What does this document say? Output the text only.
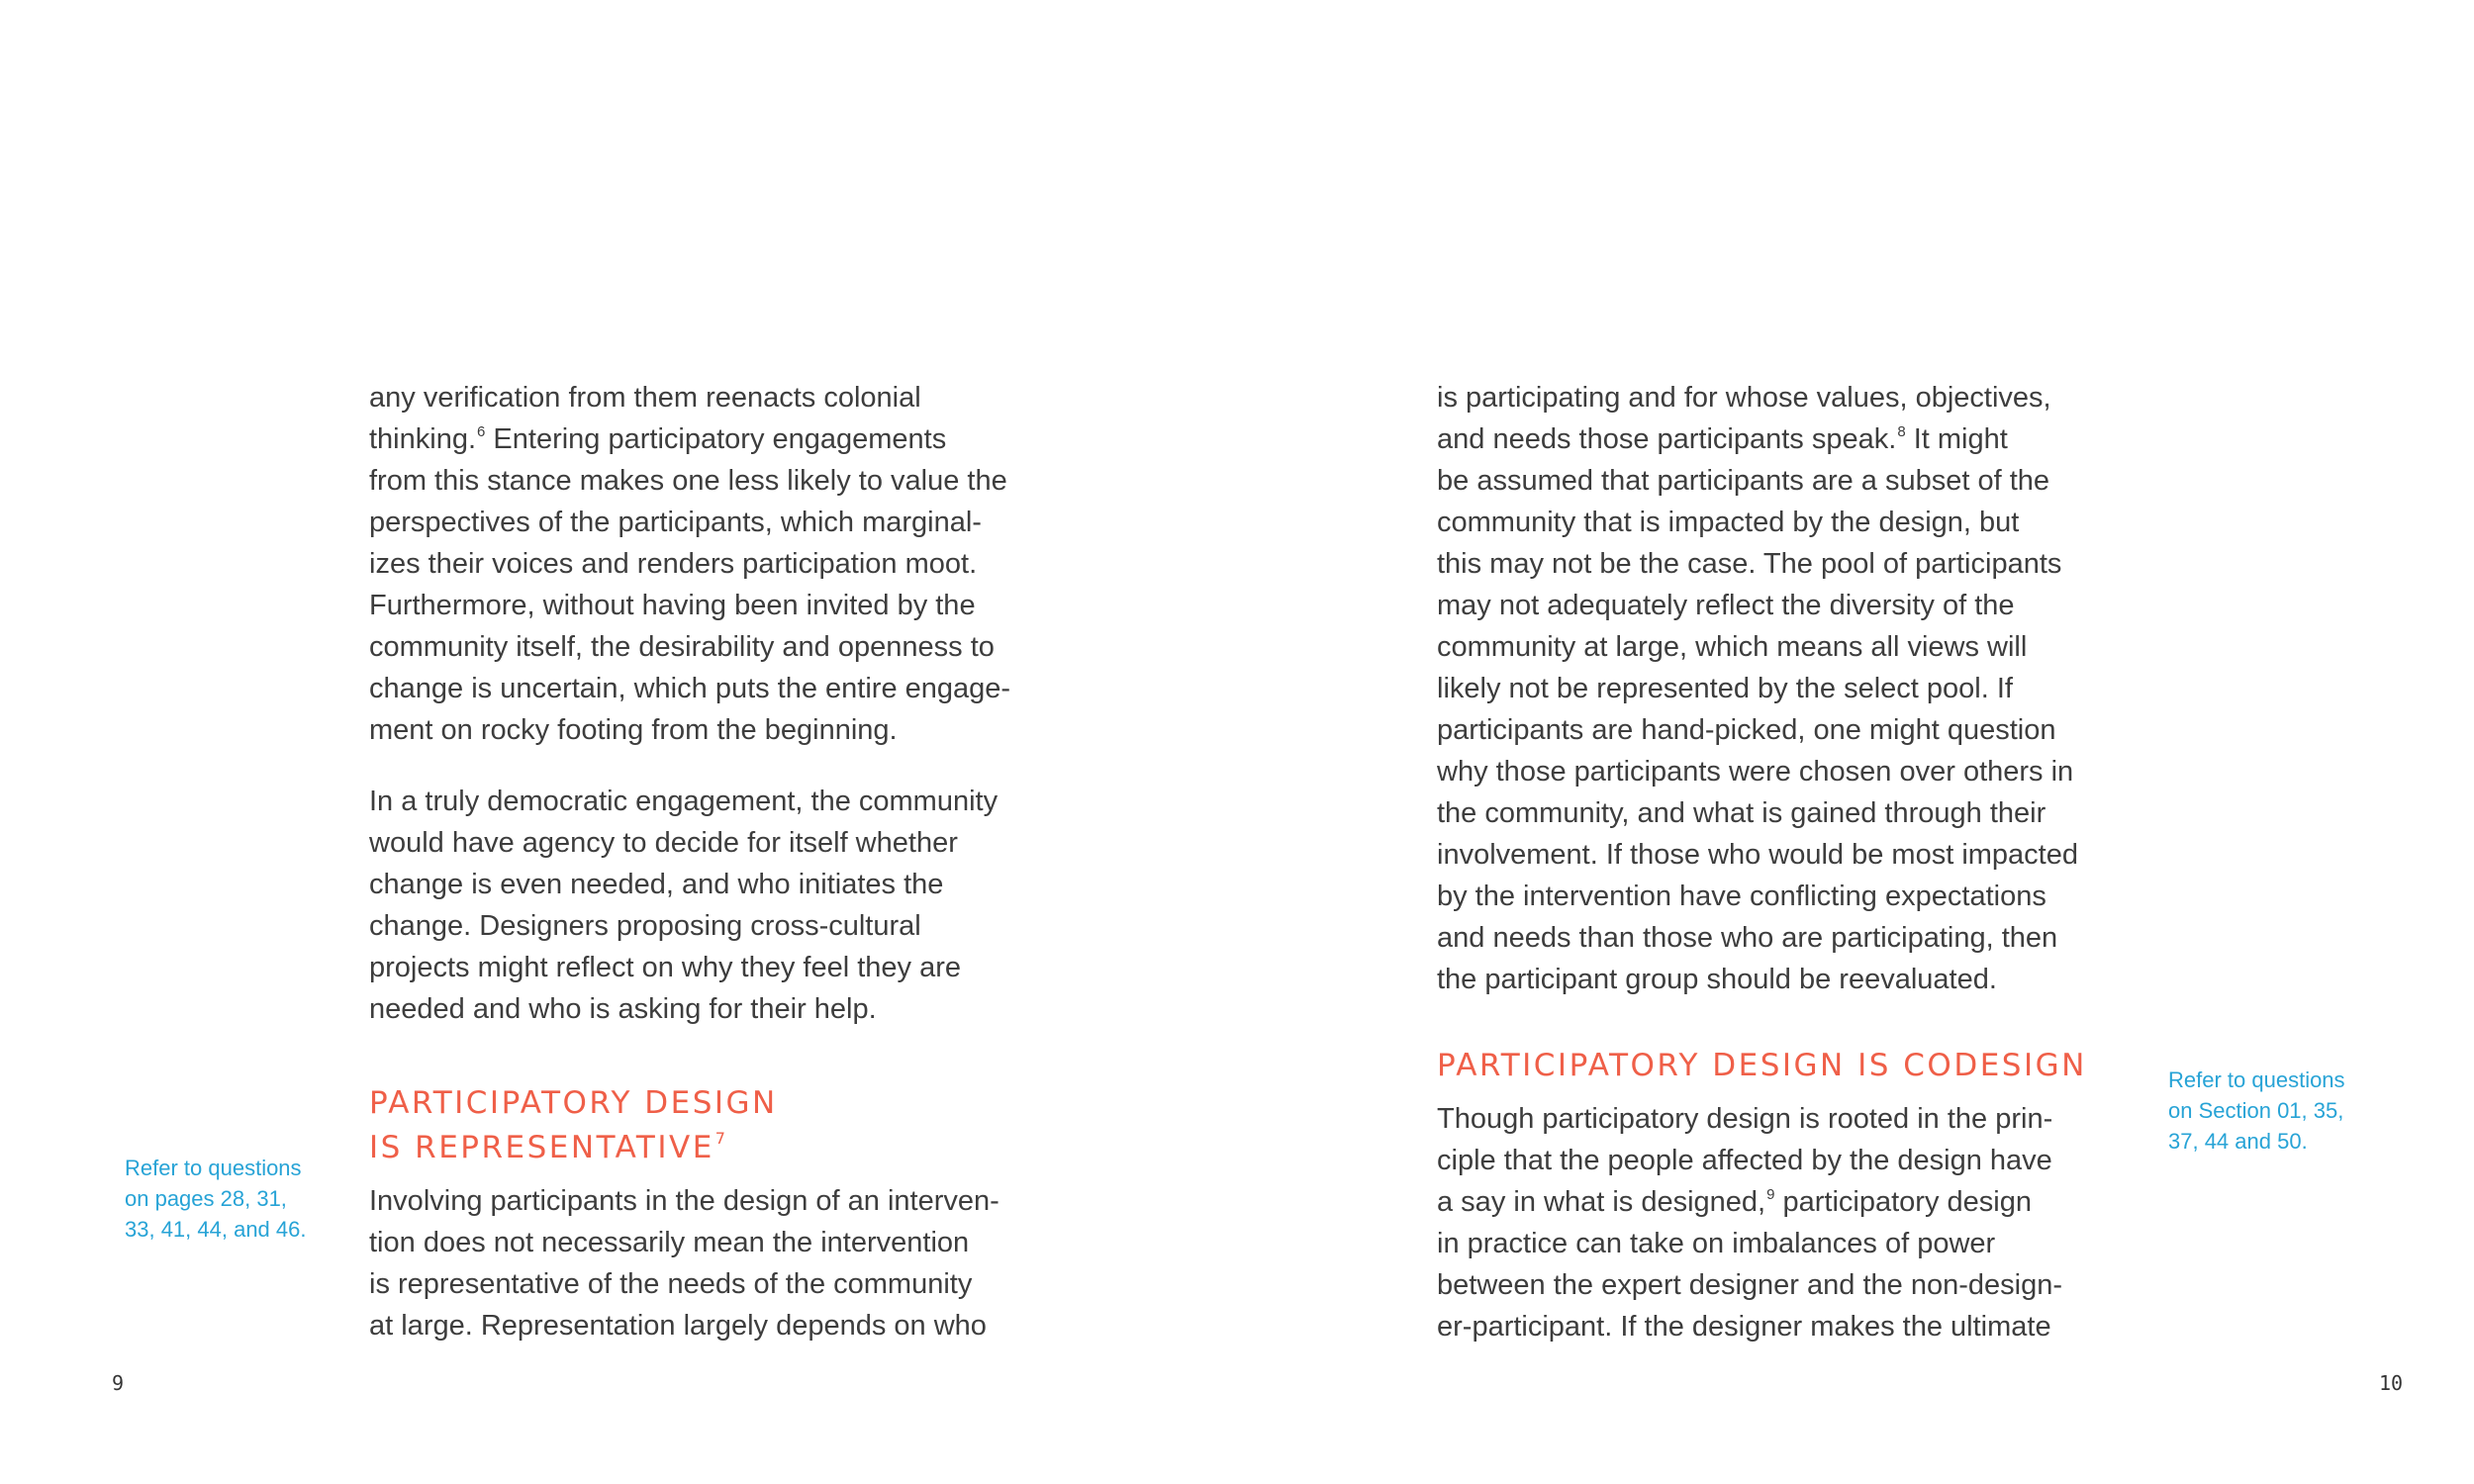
any verification from them reenacts colonial
thinking.$^6$ Entering participatory engagements
from this stance makes one less likely to value the
perspectives of the participants, which marginal-
izes their voices and renders participation moot.
Furthermore, without having been invited by the
community itself, the desirability and openness to
change is uncertain, which puts the entire engage-
ment on rocky footing from the beginning.

In a truly democratic engagement, the community
would have agency to decide for itself whether
change is even needed, and who initiates the
change. Designers proposing cross-cultural
projects might reflect on why they feel they are
needed and who is asking for their help.

PARTICIPATORY DESIGN
IS REPRESENTATIVE$^7$

Involving participants in the design of an interven-
tion does not necessarily mean the intervention
is representative of the needs of the community
at large. Representation largely depends on who

Refer to questions
on pages 28, 31,
33, 41, 44, and 46.
9

is participating and for whose values, objectives,
and needs those participants speak.$^8$ It might
be assumed that participants are a subset of the
community that is impacted by the design, but
this may not be the case. The pool of participants
may not adequately reflect the diversity of the
community at large, which means all views will
likely not be represented by the select pool. If
participants are hand-picked, one might question
why those participants were chosen over others in
the community, and what is gained through their
involvement. If those who would be most impacted
by the intervention have conflicting expectations
and needs than those who are participating, then
the participant group should be reevaluated.

PARTICIPATORY DESIGN IS CODESIGN

Though participatory design is rooted in the prin-
ciple that the people affected by the design have
a say in what is designed,$^9$ participatory design
in practice can take on imbalances of power
between the expert designer and the non-design-
er-participant. If the designer makes the ultimate

Refer to questions
on Section 01, 35,
37, 44 and 50.
10
